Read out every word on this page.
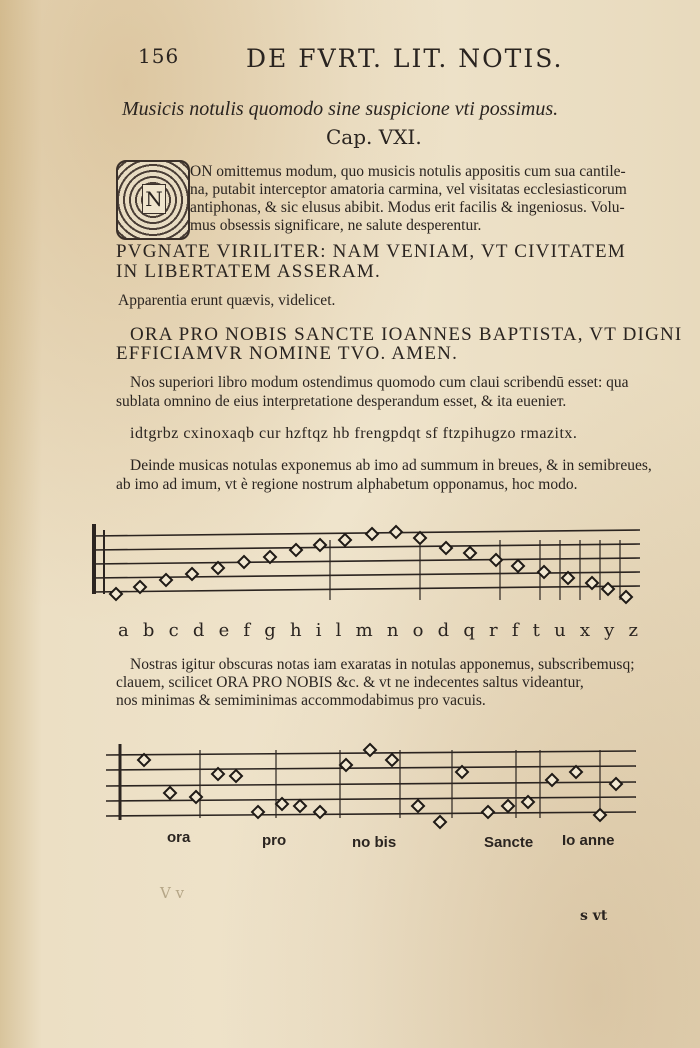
156	DE FVRT. LIT. NOTIS.
Musicis notulis quomodo sine suspicione vti possimus.
Cap. VXI.
N
ON omittemus modum, quo musicis notulis appositis cum sua cantile-
na, putabit interceptor amatoria carmina, vel visitatas ecclesiasticorum
antiphonas, & sic elusus abibit. Modus erit facilis & ingeniosus. Volu-
mus obsessis significare, ne salute desperentur.
PVGNATE VIRILITER: NAM VENIAM, VT CIVITATEM
IN LIBERTATEM ASSERAM.
Apparentia erunt quævis, videlicet.
ORA PRO NOBIS SANCTE IOANNES BAPTISTA, VT DIGNI
EFFICIAMVR NOMINE TVO. AMEN.
Nos superiori libro modum ostendimus quomodo cum claui scribendū esset: qua
sublata omnino de eius interpretatione desperandum esset, & ita euenieт.
idtgrbz cxinoxaqb cur hzftqz hb frengpdqt sf ftzpihugzo rmazitx.
Deinde musicas notulas exponemus ab imo ad summum in breues, & in semibreues,
ab imo ad imum, vt è regione nostrum alphabetum opponamus, hoc modo.
a b c d e f g h i l m n o d q r f t u x y z
Nostras igitur obscuras notas iam exaratas in notulas apponemus, subscribemusq;
clauem, scilicet ORA PRO NOBIS &c. & vt ne indecentes saltus videantur,
nos minimas & semiminimas accommodabimus pro vacuis.
ora	pro	no bis	Sancte Io anne
V v
s vt
